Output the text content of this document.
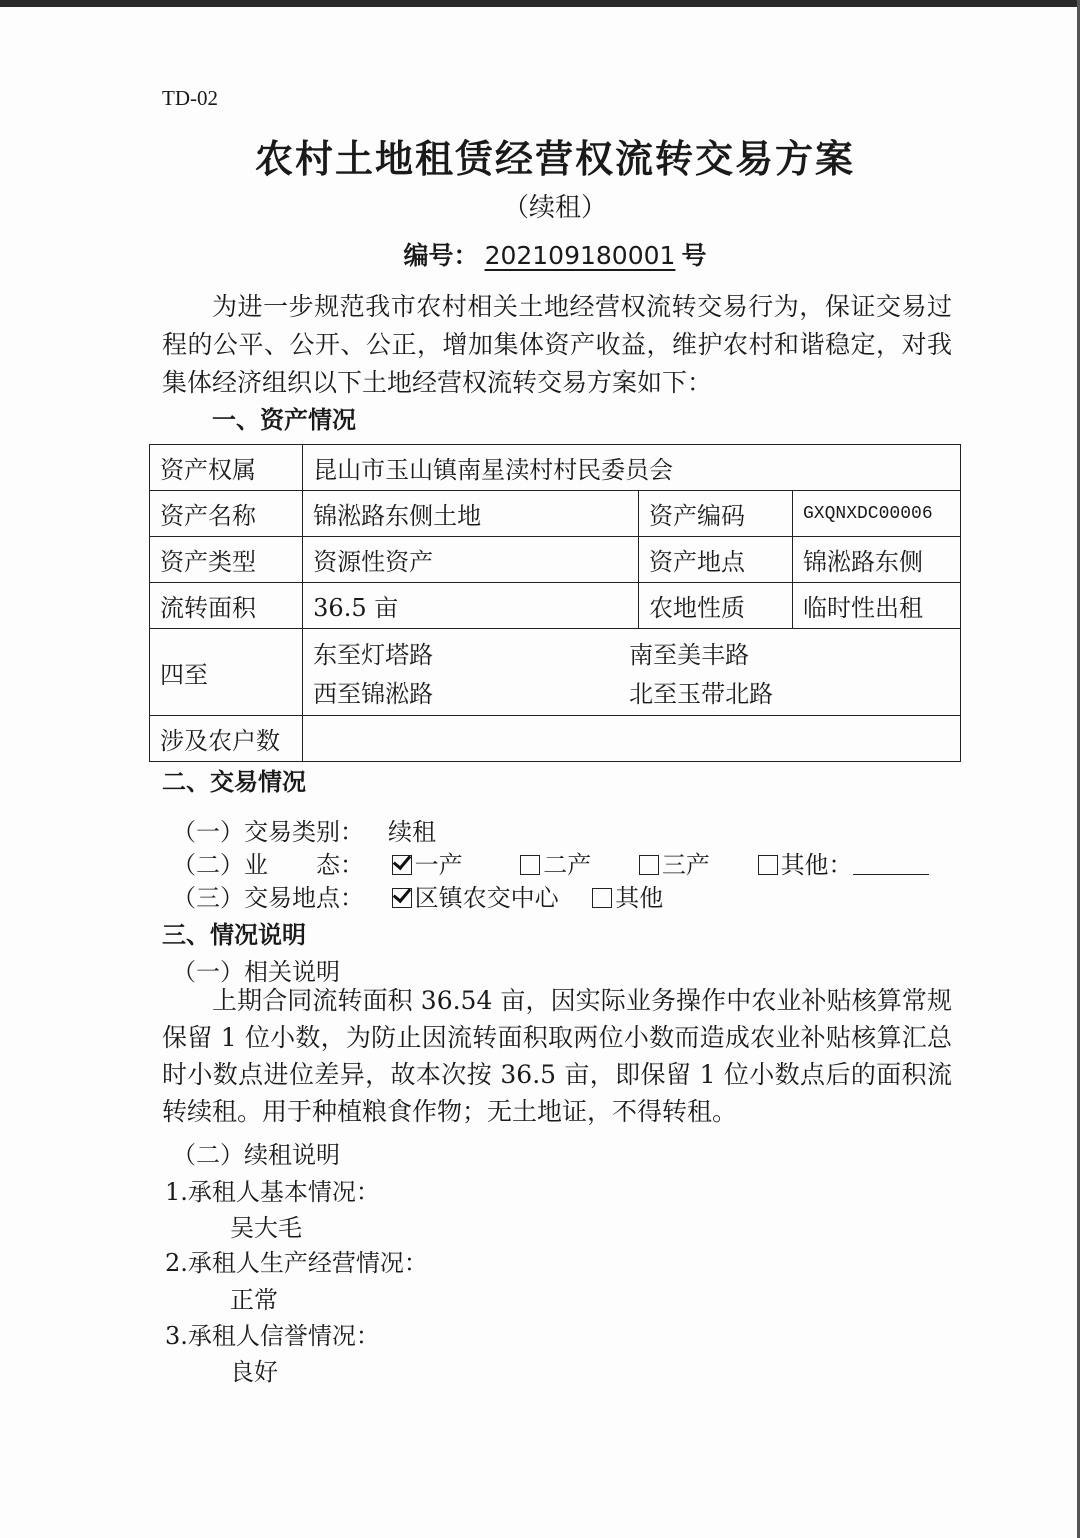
TD-02
农村土地租赁经营权流转交易方案
（续租）
编号： 202109180001 号
为进一步规范我市农村相关土地经营权流转交易行为，保证交易过程的公平、公开、公正，增加集体资产收益，维护农村和谐稳定，对我集体经济组织以下土地经营权流转交易方案如下：
一、资产情况
资产权属	昆山市玉山镇南星渎村村民委员会		
资产名称	锦淞路东侧土地	资产编码	GXQNXDC00006
资产类型	资源性资产	资产地点	锦淞路东侧
流转面积	36.5 亩	农地性质	临时性出租
四至	东至灯塔路 南至美丰路
西至锦淞路 北至玉带北路		

涉及农户数			
二、交易情况
（一）交易类别： 续租
（二）业　　态： 一产	二产	三产	其他：
（三）交易地点： 区镇农交中心 其他
三、情况说明
（一）相关说明
上期合同流转面积 36.54 亩，因实际业务操作中农业补贴核算常规保留 1 位小数，为防止因流转面积取两位小数而造成农业补贴核算汇总时小数点进位差异，故本次按 36.5 亩，即保留 1 位小数点后的面积流转续租。用于种植粮食作物；无土地证，不得转租。
（二）续租说明
1.承租人基本情况：
吴大毛
2.承租人生产经营情况：
正常
3.承租人信誉情况：
良好
